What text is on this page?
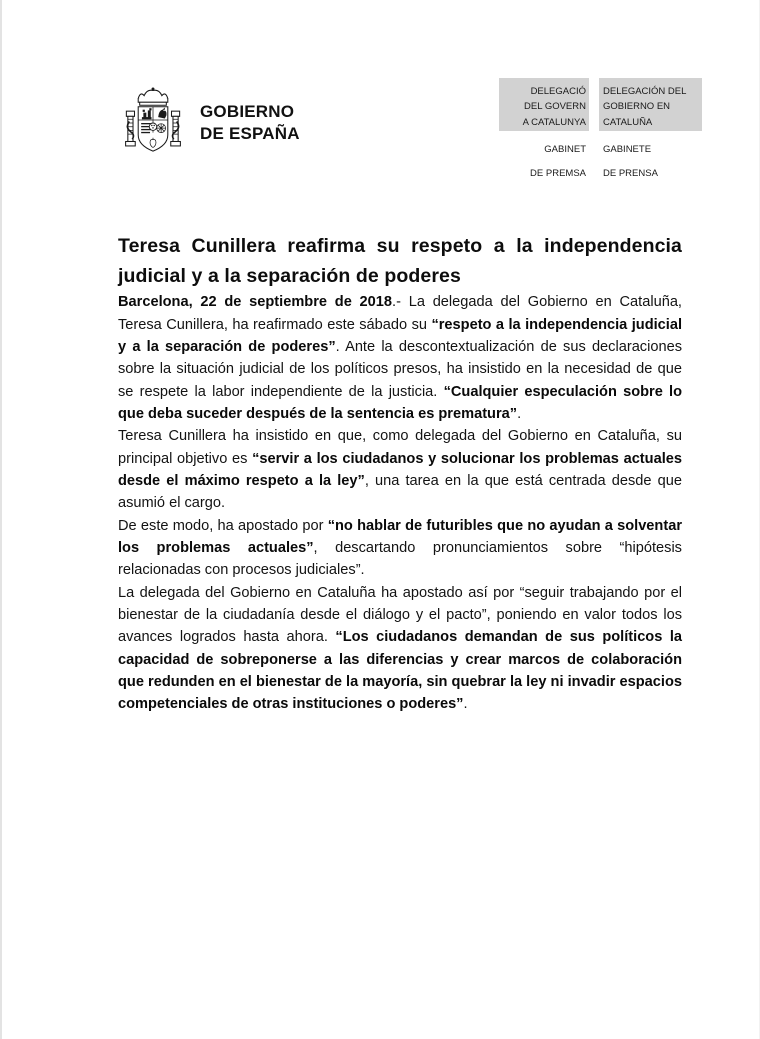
GOBIERNO
DE ESPAÑA
DELEGACIÓ
DEL GOVERN
A CATALUNYA
GABINET
DE PREMSA
DELEGACIÓN DEL
GOBIERNO EN
CATALUÑA
GABINETE
DE PRENSA
Teresa Cunillera reafirma su respeto a la independencia judicial y a la separación de poderes

Barcelona, 22 de septiembre de 2018.- La delegada del Gobierno en Cataluña, Teresa Cunillera, ha reafirmado este sábado su “respeto a la independencia judicial y a la separación de poderes”. Ante la descontextualización de sus declaraciones sobre la situación judicial de los políticos presos, ha insistido en la necesidad de que se respete la labor independiente de la justicia. “Cualquier especulación sobre lo que deba suceder después de la sentencia es prematura”.

Teresa Cunillera ha insistido en que, como delegada del Gobierno en Cataluña, su principal objetivo es “servir a los ciudadanos y solucionar los problemas actuales desde el máximo respeto a la ley”, una tarea en la que está centrada desde que asumió el cargo.

De este modo, ha apostado por “no hablar de futuribles que no ayudan a solventar los problemas actuales”, descartando pronunciamientos sobre “hipótesis relacionadas con procesos judiciales”.

La delegada del Gobierno en Cataluña ha apostado así por “seguir trabajando por el bienestar de la ciudadanía desde el diálogo y el pacto”, poniendo en valor todos los avances logrados hasta ahora. “Los ciudadanos demandan de sus políticos la capacidad de sobreponerse a las diferencias y crear marcos de colaboración que redunden en el bienestar de la mayoría, sin quebrar la ley ni invadir espacios competenciales de otras instituciones o poderes”.
